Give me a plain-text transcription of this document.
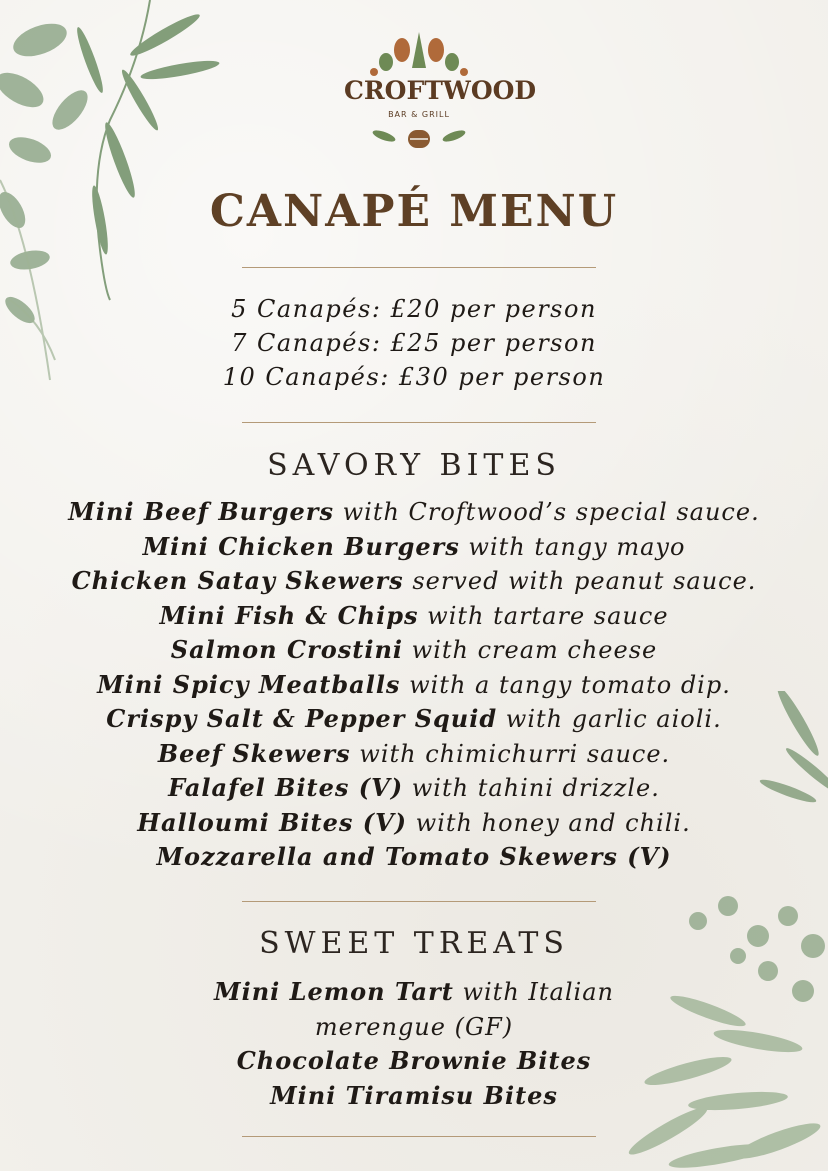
CROFTWOOD
BAR & GRILL
CANAPÉ MENU
5 Canapés: £20 per person
7 Canapés: £25 per person
10 Canapés: £30 per person
SAVORY BITES
Mini Beef Burgers with Croftwood’s special sauce.
Mini Chicken Burgers with tangy mayo
Chicken Satay Skewers served with peanut sauce.
Mini Fish & Chips with tartare sauce
Salmon Crostini with cream cheese
Mini Spicy Meatballs with a tangy tomato dip.
Crispy Salt & Pepper Squid with garlic aioli.
Beef Skewers with chimichurri sauce.
Falafel Bites (V) with tahini drizzle.
Halloumi Bites (V) with honey and chili.
Mozzarella and Tomato Skewers (V)
SWEET TREATS
Mini Lemon Tart with Italian
merengue (GF)
Chocolate Brownie Bites
Mini Tiramisu Bites
